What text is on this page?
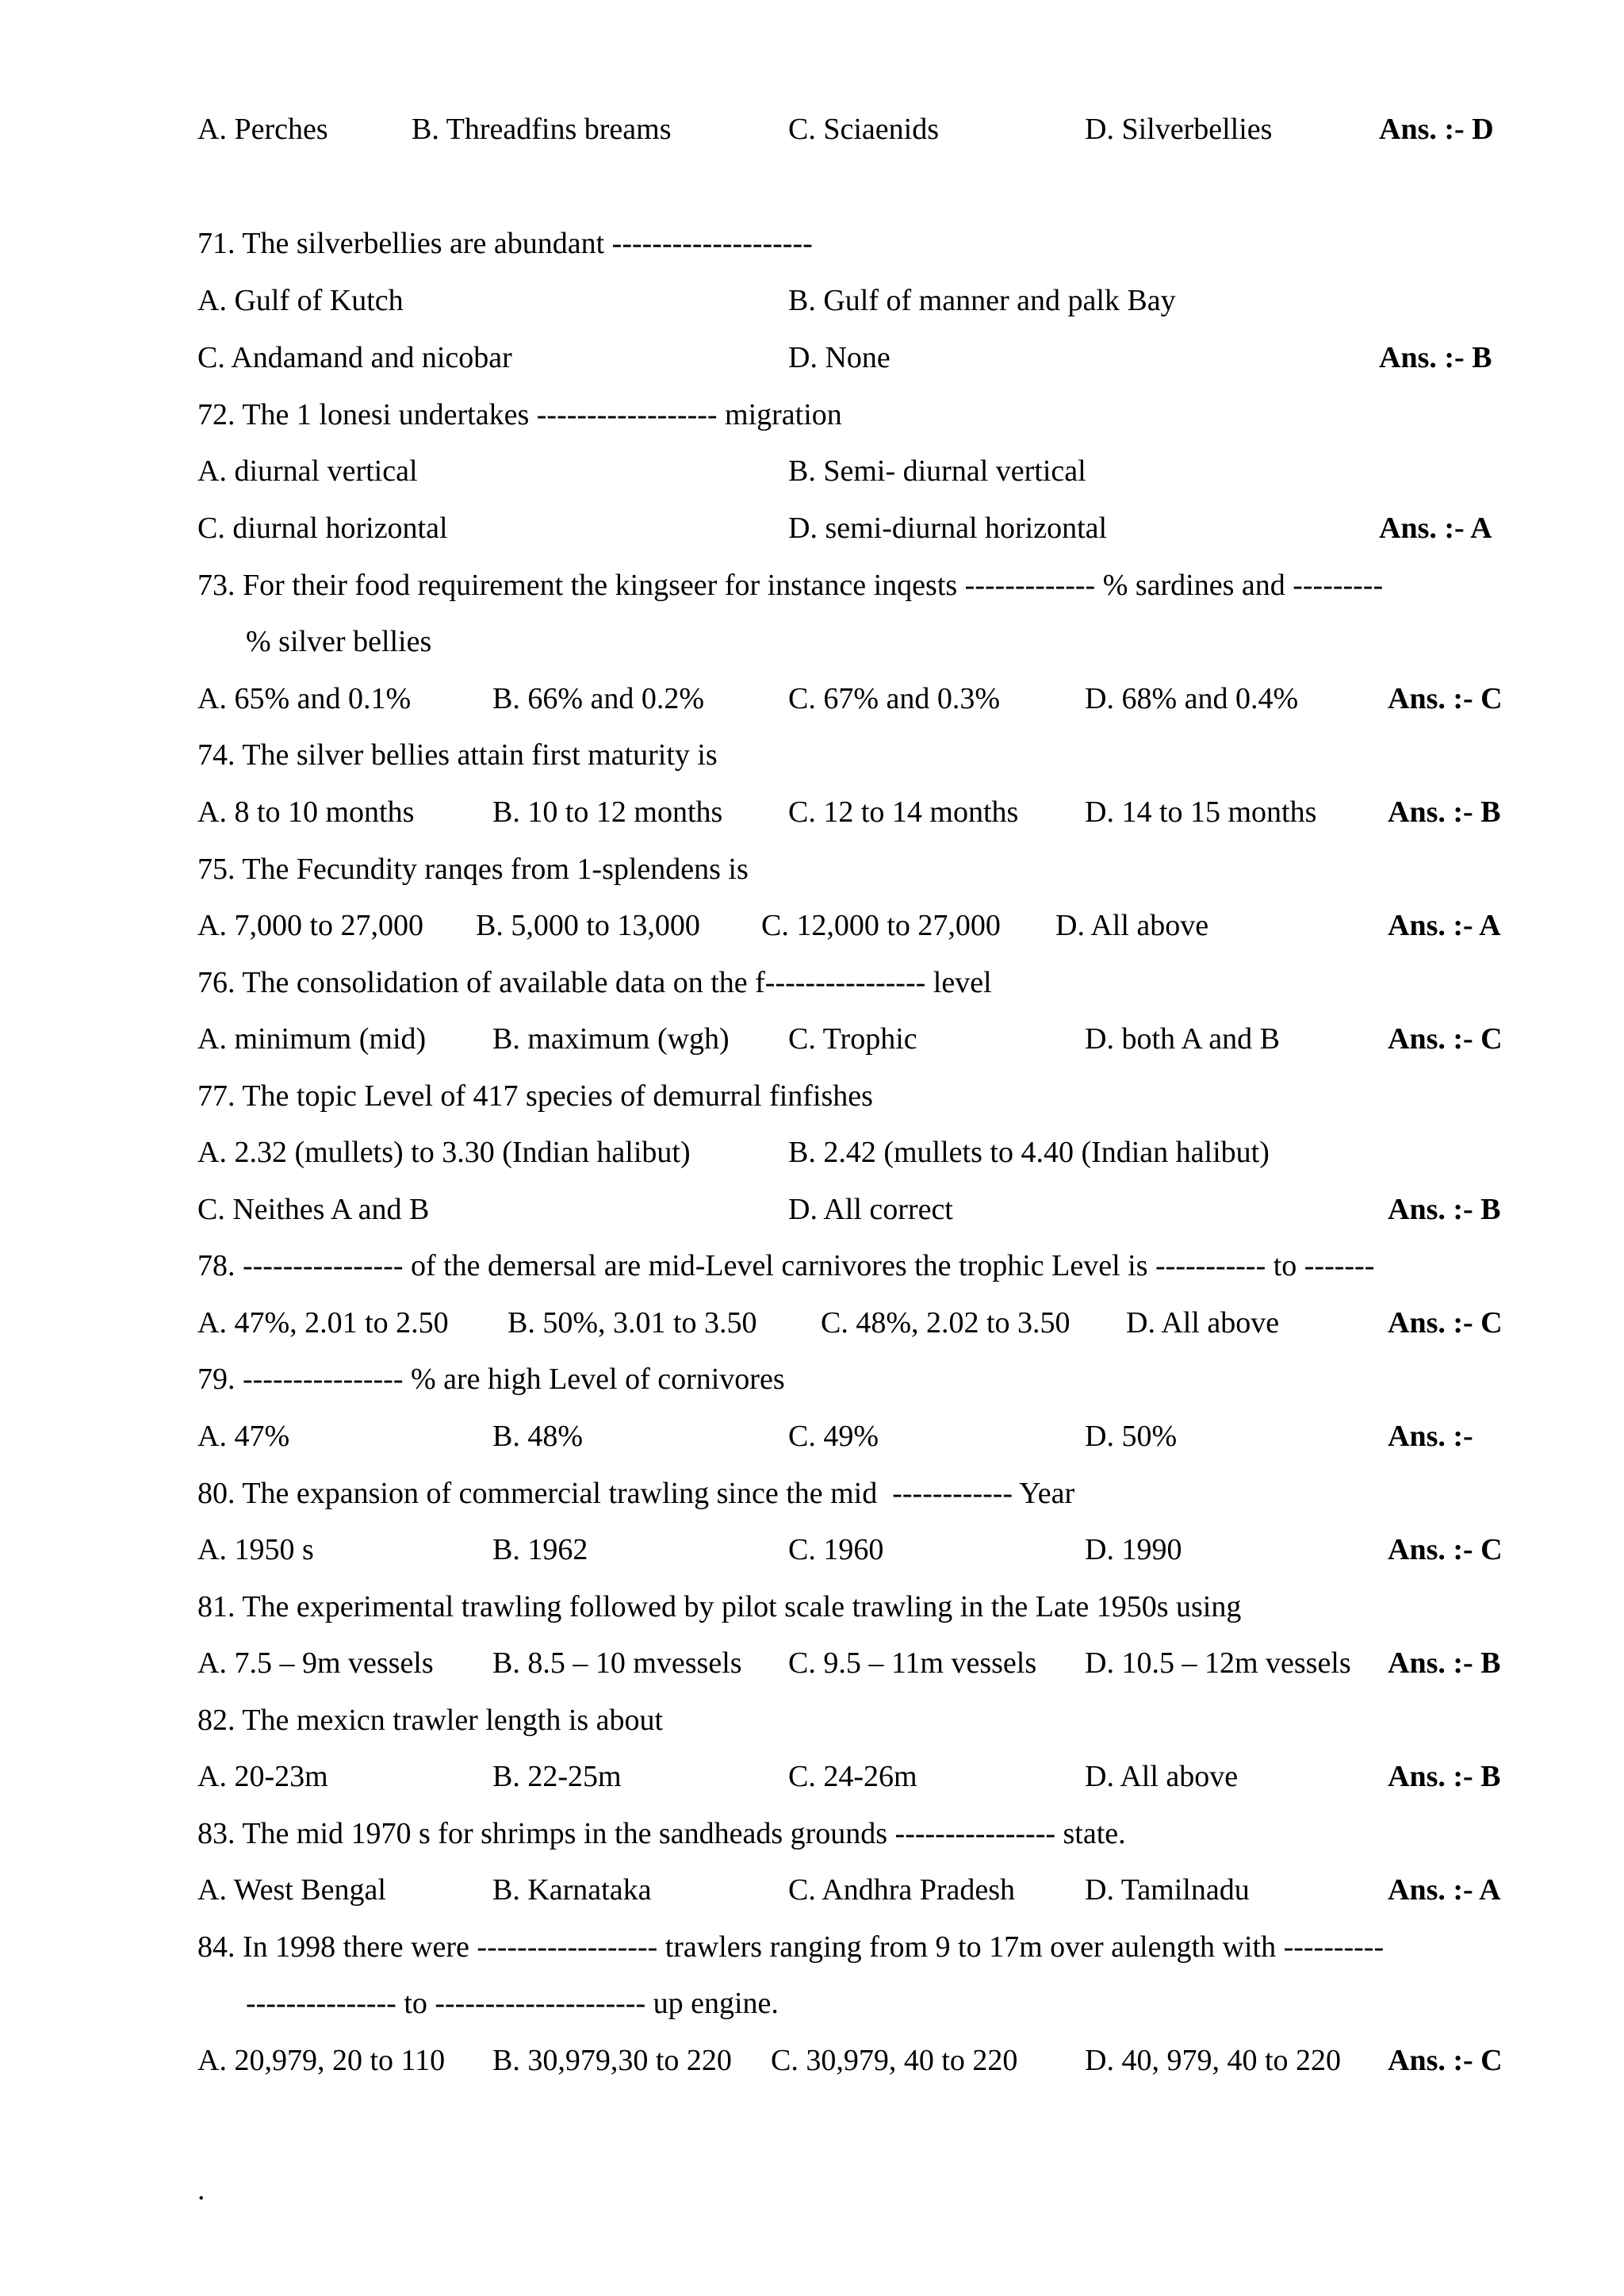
A. Perches	B. Threadfins breams	C. Sciaenids	D. Silverbellies	Ans. :- D
71. The silverbellies are abundant --------------------
A. Gulf of Kutch	B. Gulf of manner and palk Bay
C. Andamand and nicobar	D. None	Ans. :- B
72. The 1 lonesi undertakes ------------------ migration
A. diurnal vertical	B. Semi- diurnal vertical
C. diurnal horizontal	D. semi-diurnal horizontal	Ans. :- A
73. For their food requirement the kingseer for instance inqests ------------- % sardines and ---------
% silver bellies
A. 65% and 0.1%	B. 66% and 0.2%	C. 67% and 0.3%	D. 68% and 0.4%	Ans. :- C
74. The silver bellies attain first maturity is
A. 8 to 10 months	B. 10 to 12 months C. 12 to 14 months D. 14 to 15 months Ans. :- B
75. The Fecundity ranqes from 1-splendens is
A. 7,000 to 27,000 B. 5,000 to 13,000 C. 12,000 to 27,000 D. All above	Ans. :- A
76. The consolidation of available data on the f---------------- level
A. minimum (mid) B. maximum (wgh) C. Trophic	D. both A and B	Ans. :- C
77. The topic Level of 417 species of demurral finfishes
A. 2.32 (mullets) to 3.30 (Indian halibut)	B. 2.42 (mullets to 4.40 (Indian halibut)
C. Neithes A and B	D. All correct	Ans. :- B
78. ---------------- of the demersal are mid-Level carnivores the trophic Level is ----------- to -------
A. 47%, 2.01 to 2.50 B. 50%, 3.01 to 3.50 C. 48%, 2.02 to 3.50 D. All above	Ans. :- C
79. ---------------- % are high Level of cornivores
A. 47%	B. 48%	C. 49%	D. 50%	Ans. :-
80. The expansion of commercial trawling since the mid  ------------ Year
A. 1950 s	B. 1962	C. 1960	D. 1990	Ans. :- C
81. The experimental trawling followed by pilot scale trawling in the Late 1950s using
A. 7.5 – 9m vessels B. 8.5 – 10 mvessels C. 9.5 – 11m vessels D. 10.5 – 12m vessels Ans. :- B
82. The mexicn trawler length is about
A. 20-23m	B. 22-25m	C. 24-26m	D. All above	Ans. :- B
83. The mid 1970 s for shrimps in the sandheads grounds ---------------- state.
A. West Bengal	B. Karnataka	C. Andhra Pradesh D. Tamilnadu	Ans. :- A
84. In 1998 there were ------------------ trawlers ranging from 9 to 17m over aulength with ----------
--------------- to --------------------- up engine.
A. 20,979, 20 to 110 B. 30,979,30 to 220 C. 30,979, 40 to 220 D. 40, 979, 40 to 220 Ans. :- C
.
